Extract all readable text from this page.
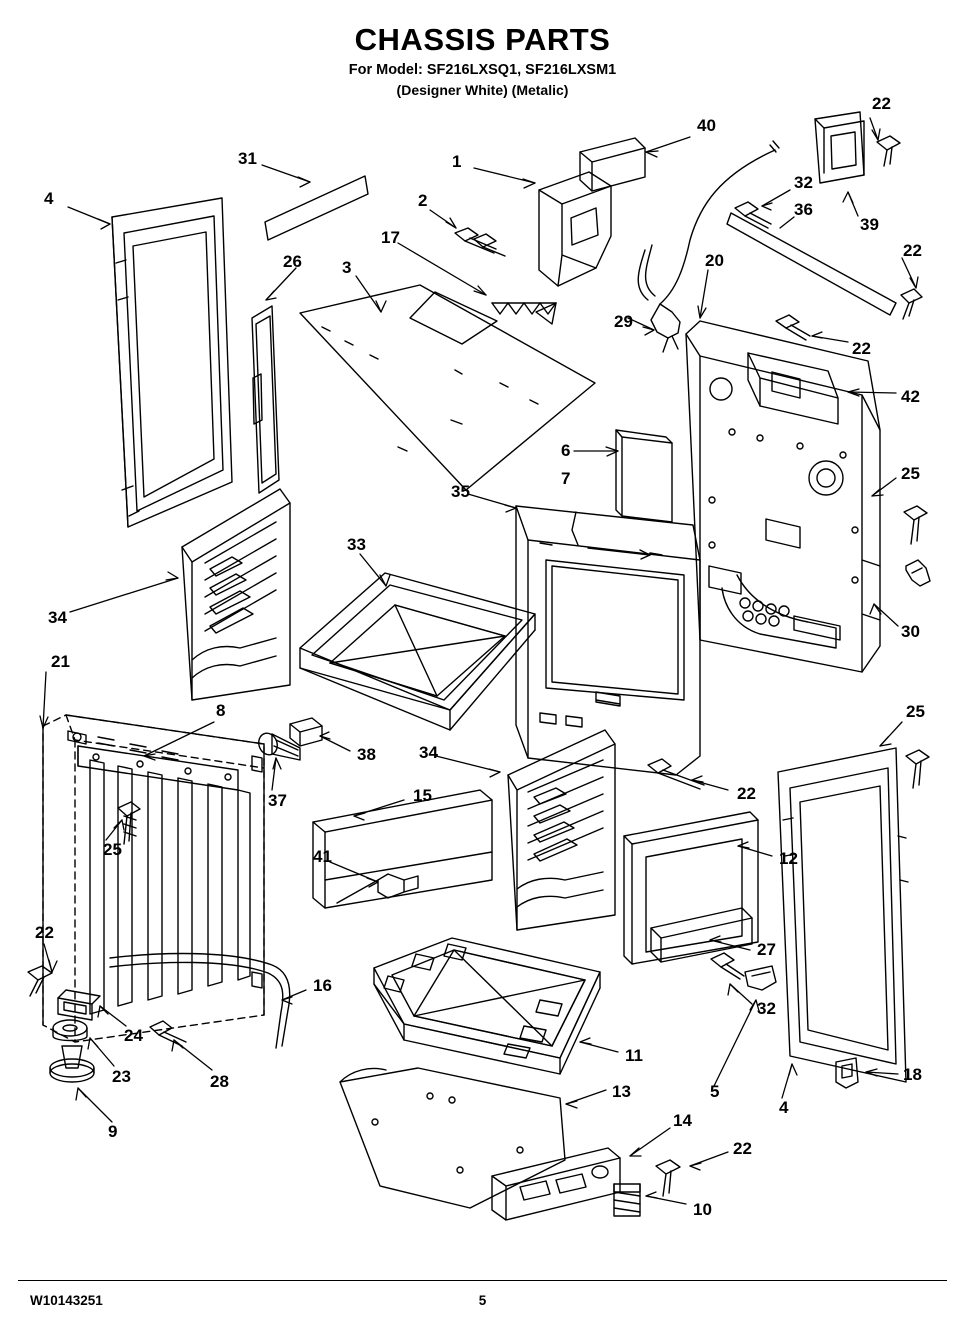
CHASSIS PARTS
For Model: SF216LXSQ1, SF216LXSM1
(Designer White) (Metalic)
4
31	1
40
22
2
32
36
39
17
22
26 3	20
29
22
42
6
35
7	25
33
34
30
21
8	25
38	34
37	22
15
25	41	12
22
16
27
24
23	28
32
11
5
4
18
9
13
14
22
10
W10143251	5
